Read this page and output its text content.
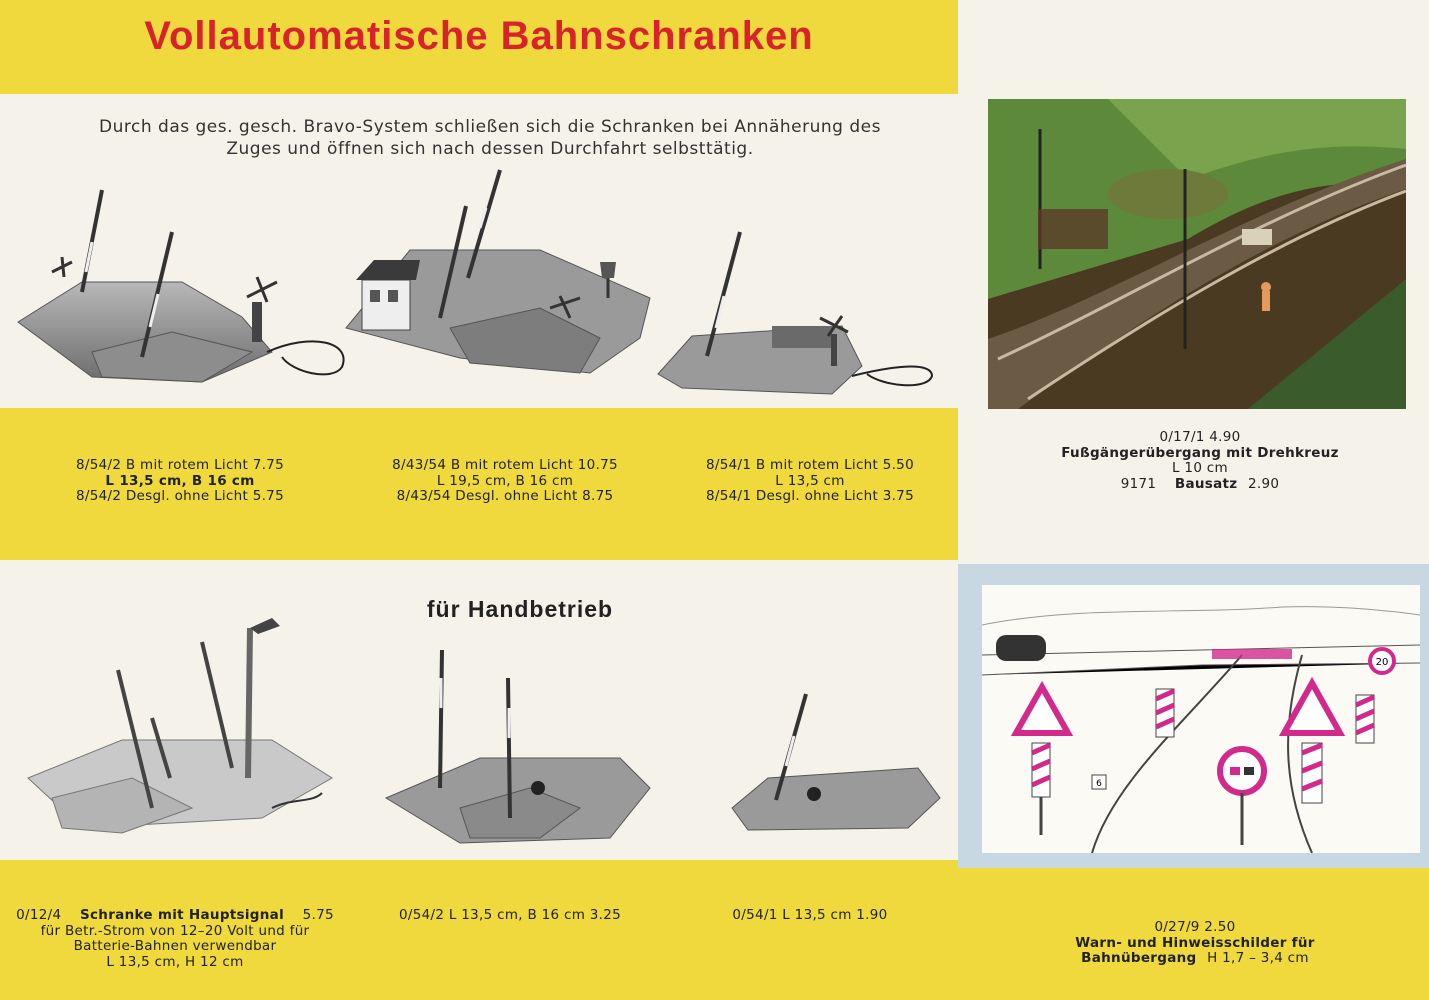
Vollautomatische Bahnschranken
Durch das ges. gesch. Bravo-System schließen sich die Schranken bei Annäherung des
Zuges und öffnen sich nach dessen Durchfahrt selbsttätig.
8/54/2 B mit rotem Licht 7.75
L 13,5 cm, B 16 cm
8/54/2 Desgl. ohne Licht 5.75
8/43/54 B mit rotem Licht 10.75
L 19,5 cm, B 16 cm
8/43/54 Desgl. ohne Licht 8.75
8/54/1 B mit rotem Licht 5.50
L 13,5 cm
8/54/1 Desgl. ohne Licht 3.75
0/17/1 4.90
Fußgängerübergang mit Drehkreuz
L 10 cm
9171 Bausatz 2.90
für Handbetrieb
0/12/4 Schranke mit Hauptsignal 5.75
für Betr.-Strom von 12–20 Volt und für
Batterie-Bahnen verwendbar
L 13,5 cm, H 12 cm
0/54/2 L 13,5 cm, B 16 cm 3.25	0/54/1 L 13,5 cm 1.90
20
6
0/27/9 2.50
Warn- und Hinweisschilder für
Bahnübergang H 1,7 – 3,4 cm
